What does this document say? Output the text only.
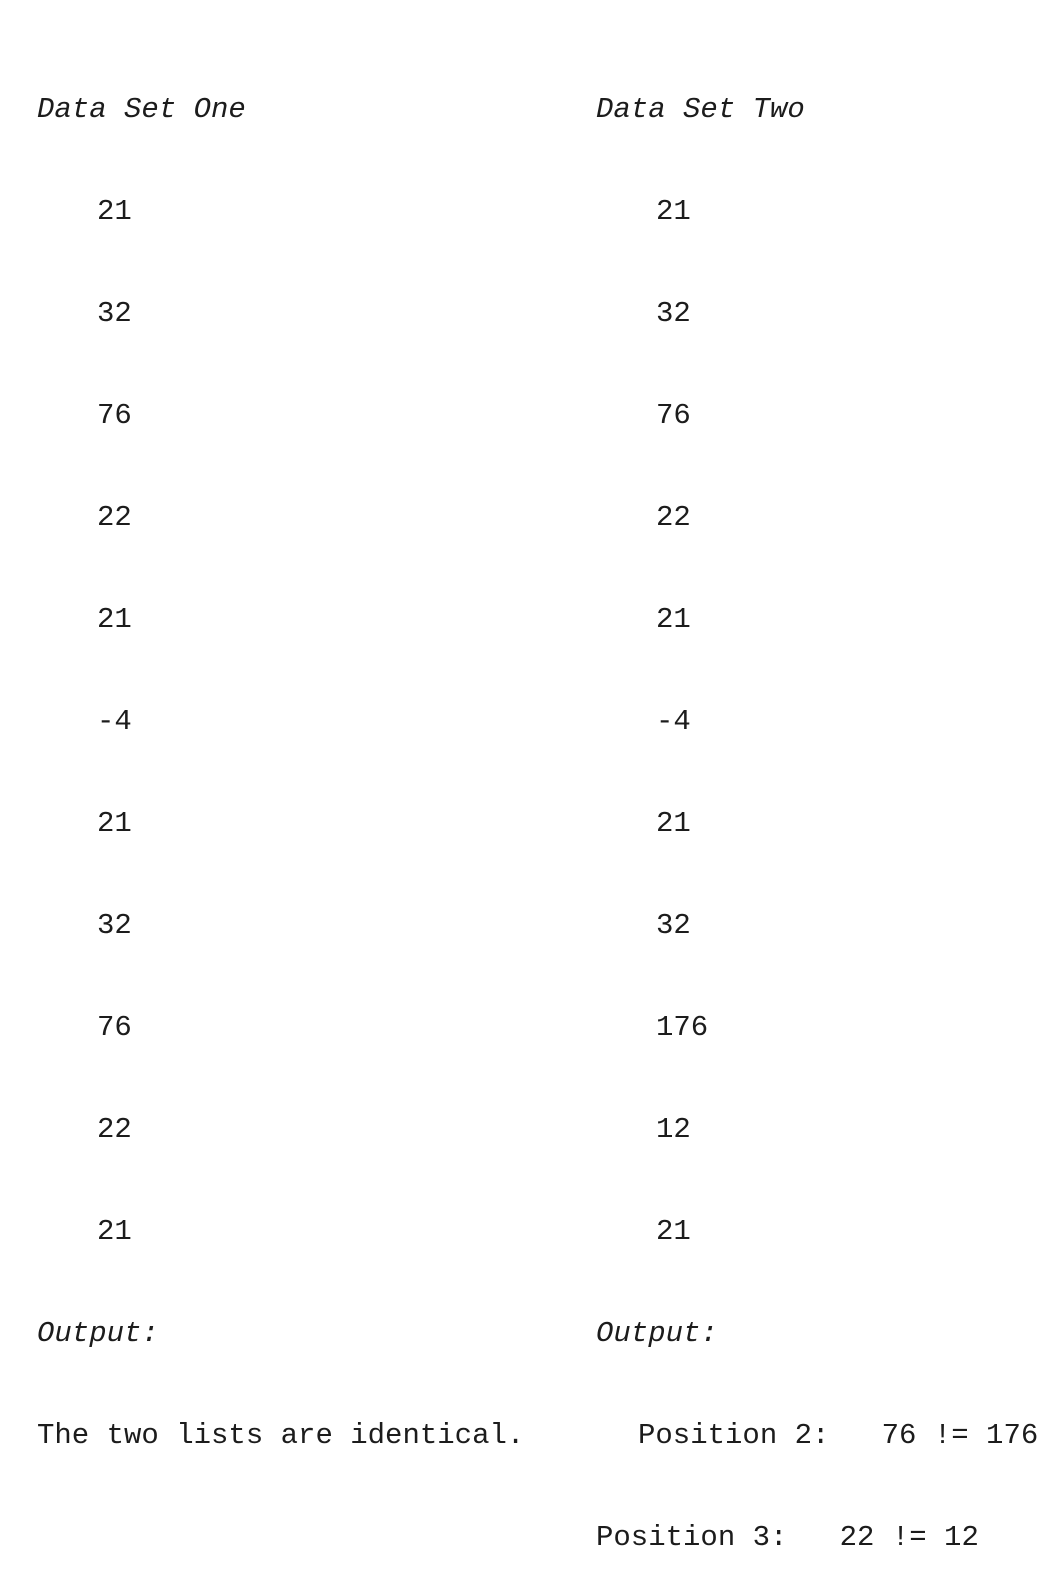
Data Set One

21

32

76

22

21

-4

21

32

76

22

21

Output:

The two lists are identical.

Data Set Two

21

32

76

22

21

-4

21

32

176

12

21

Output:

Position 2:   76 != 176

Position 3:   22 != 12
